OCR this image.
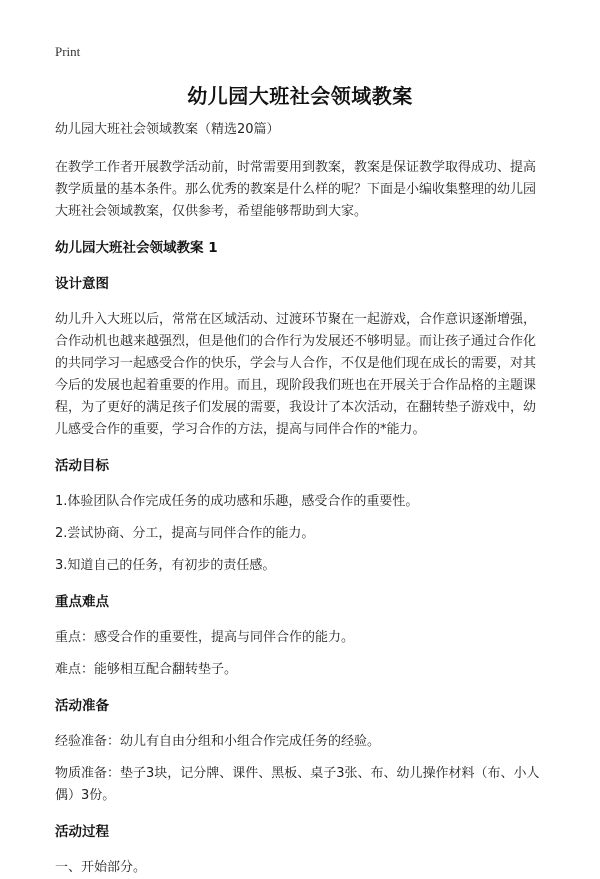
Print
幼儿园大班社会领域教案

幼儿园大班社会领域教案（精选20篇）

在教学工作者开展教学活动前，时常需要用到教案，教案是保证教学取得成功、提高教学质量的基本条件。那么优秀的教案是什么样的呢？下面是小编收集整理的幼儿园大班社会领域教案，仅供参考，希望能够帮助到大家。

幼儿园大班社会领域教案 1

设计意图

幼儿升入大班以后，常常在区域活动、过渡环节聚在一起游戏，合作意识逐渐增强，合作动机也越来越强烈，但是他们的合作行为发展还不够明显。而让孩子通过合作化的共同学习一起感受合作的快乐，学会与人合作，不仅是他们现在成长的需要，对其今后的发展也起着重要的作用。而且，现阶段我们班也在开展关于合作品格的主题课程，为了更好的满足孩子们发展的需要，我设计了本次活动，在翻转垫子游戏中，幼儿感受合作的重要，学习合作的方法，提高与同伴合作的*能力。

活动目标

1.体验团队合作完成任务的成功感和乐趣，感受合作的重要性。

2.尝试协商、分工，提高与同伴合作的能力。

3.知道自己的任务，有初步的责任感。

重点难点

重点：感受合作的重要性，提高与同伴合作的能力。

难点：能够相互配合翻转垫子。

活动准备

经验准备：幼儿有自由分组和小组合作完成任务的经验。

物质准备：垫子3块，记分牌、课件、黑板、桌子3张、布、幼儿操作材料（布、小人偶）3份。

活动过程

一、开始部分。
